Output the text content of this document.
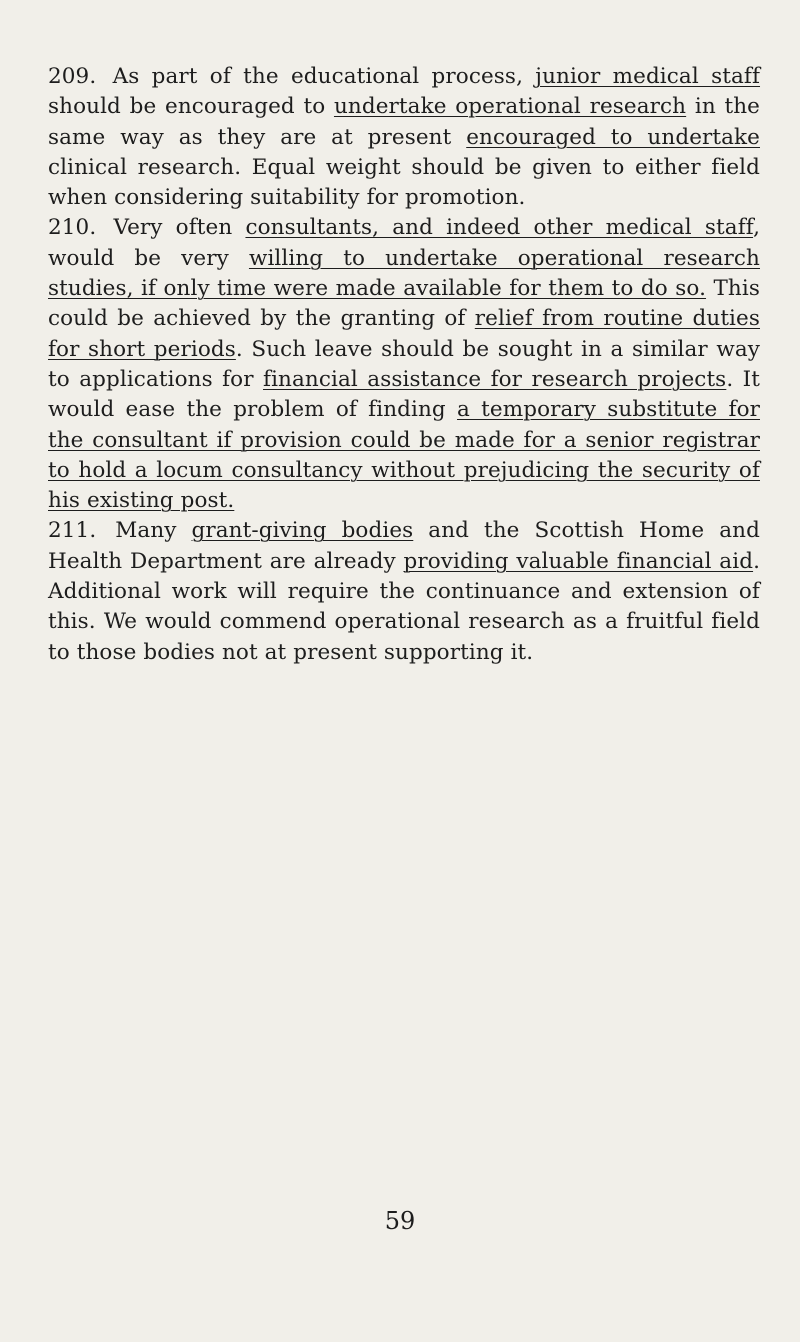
209. As part of the educational process, junior medical staff should be encouraged to undertake operational research in the same way as they are at present encouraged to undertake clinical research. Equal weight should be given to either field when considering suitability for promotion.

210. Very often consultants, and indeed other medical staff, would be very willing to undertake operational research studies, if only time were made available for them to do so. This could be achieved by the granting of relief from routine duties for short periods. Such leave should be sought in a similar way to applications for financial assistance for research projects. It would ease the problem of finding a temporary substitute for the consultant if provision could be made for a senior registrar to hold a locum consultancy without prejudicing the security of his existing post.

211. Many grant-giving bodies and the Scottish Home and Health Department are already providing valuable financial aid. Additional work will require the continuance and extension of this. We would commend operational research as a fruitful field to those bodies not at present supporting it.

59
